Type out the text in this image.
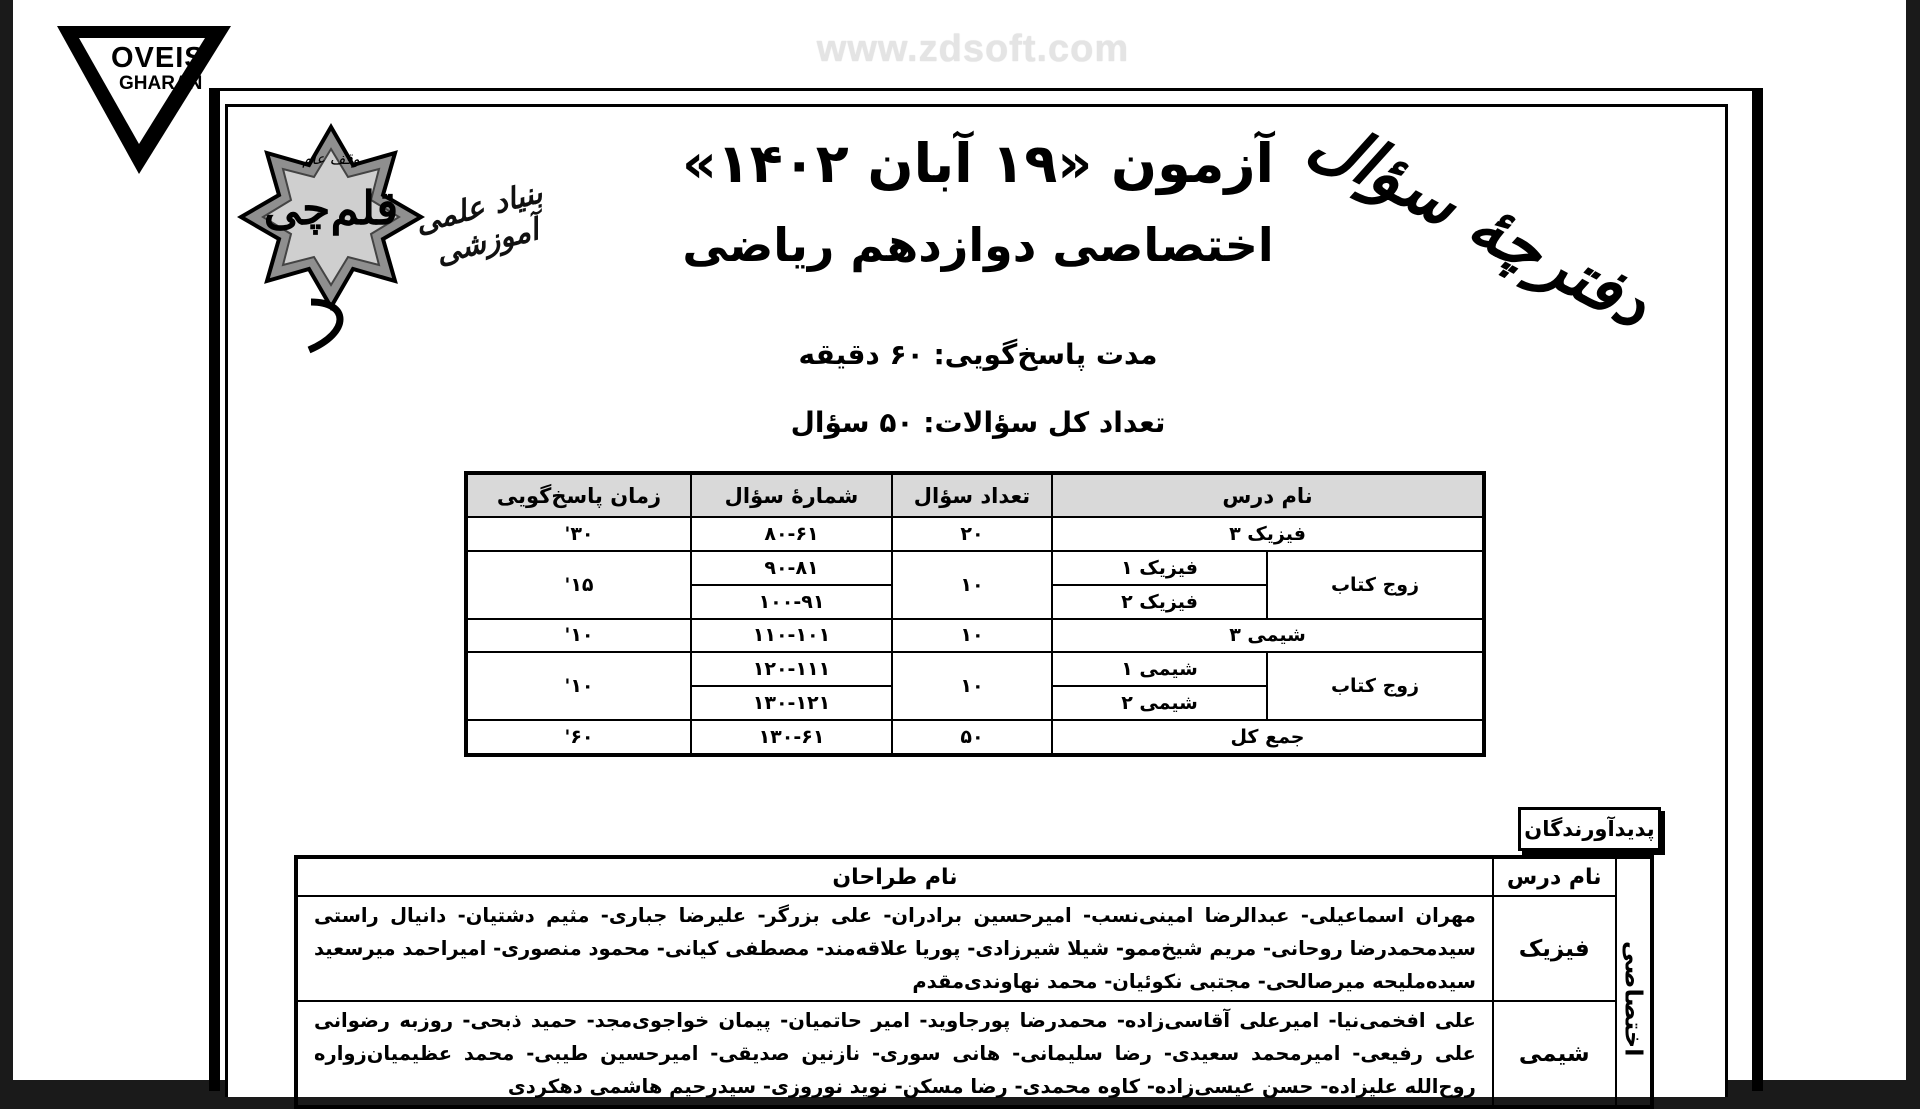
www.zdsoft.com
OVEIS
GHARAN
قلم‌چی
وقف عام
بنیاد علمی آموزشی	دفترچهٔ سؤال
آزمون «۱۹ آبان ۱۴۰۲»
اختصاصی دوازدهم ریاضی
مدت پاسخ‌گویی: ۶۰ دقیقه
تعداد کل سؤالات: ۵۰ سؤال
نام درس		تعداد سؤال	شمارهٔ سؤال	زمان پاسخ‌گویی
فیزیک ۳		۲۰	۸۰-۶۱	۳۰'
زوج کتاب	فیزیک ۱	۱۰	۹۰-۸۱	۱۵'
	فیزیک ۲		۱۰۰-۹۱	
شیمی ۳		۱۰	۱۱۰-۱۰۱	۱۰'
زوج کتاب	شیمی ۱	۱۰	۱۲۰-۱۱۱	۱۰'
	شیمی ۲		۱۳۰-۱۲۱	
جمع کل		۵۰	۱۳۰-۶۱	۶۰'
پدیدآورندگان
	نام درس	نام طراحان
اختصاصی	فیزیک	مهران اسماعیلی- عبدالرضا امینی‌نسب- امیرحسین برادران- علی بزرگر- علیرضا جباری- مثیم دشتیان- دانیال راستی
سیدمحمدرضا روحانی- مریم شیخ‌ممو- شیلا شیرزادی- پوریا علاقه‌مند- مصطفی کیانی- محمود منصوری- امیراحمد میرسعید
سیده‌ملیحه میرصالحی- مجتبی نکوئیان- محمد نهاوندی‌مقدم

	شیمی	علی افخمی‌نیا- امیرعلی آقاسی‌زاده- محمدرضا پورجاوید- امیر حاتمیان- پیمان خواجوی‌مجد- حمید ذبحی- روزبه رضوانی
علی رفیعی- امیرمحمد سعیدی- رضا سلیمانی- هانی سوری- نازنین صدیقی- امیرحسین طیبی- محمد عظیمیان‌زواره
روح‌الله علیزاده- حسن عیسی‌زاده- کاوه محمدی- رضا مسکن- نوید نوروزی- سیدرحیم هاشمی دهکردی
